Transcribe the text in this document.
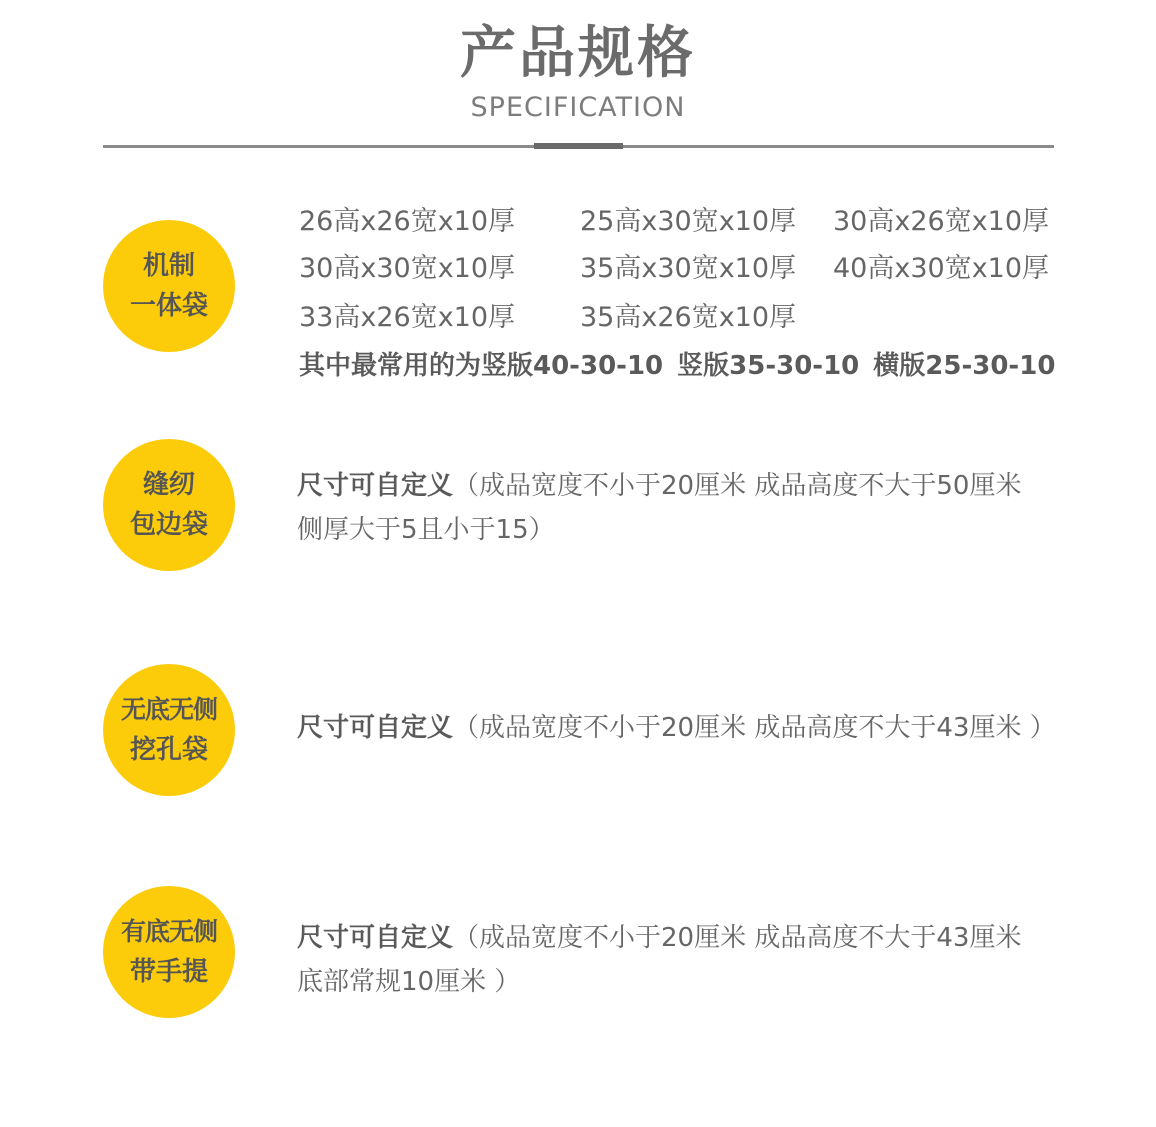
产品规格
SPECIFICATION
机制
一体袋
26高x26宽x10厚 25高x30宽x10厚 30高x26宽x10厚
30高x30宽x10厚 35高x30宽x10厚 40高x30宽x10厚
33高x26宽x10厚 35高x26宽x10厚
其中最常用的为竖版40-30-10 竖版35-30-10 横版25-30-10
缝纫
包边袋
尺寸可自定义（成品宽度不小于20厘米 成品高度不大于50厘米
侧厚大于5且小于15）
无底无侧
挖孔袋
尺寸可自定义（成品宽度不小于20厘米 成品高度不大于43厘米 ）
有底无侧
带手提
尺寸可自定义（成品宽度不小于20厘米 成品高度不大于43厘米
底部常规10厘米 ）
